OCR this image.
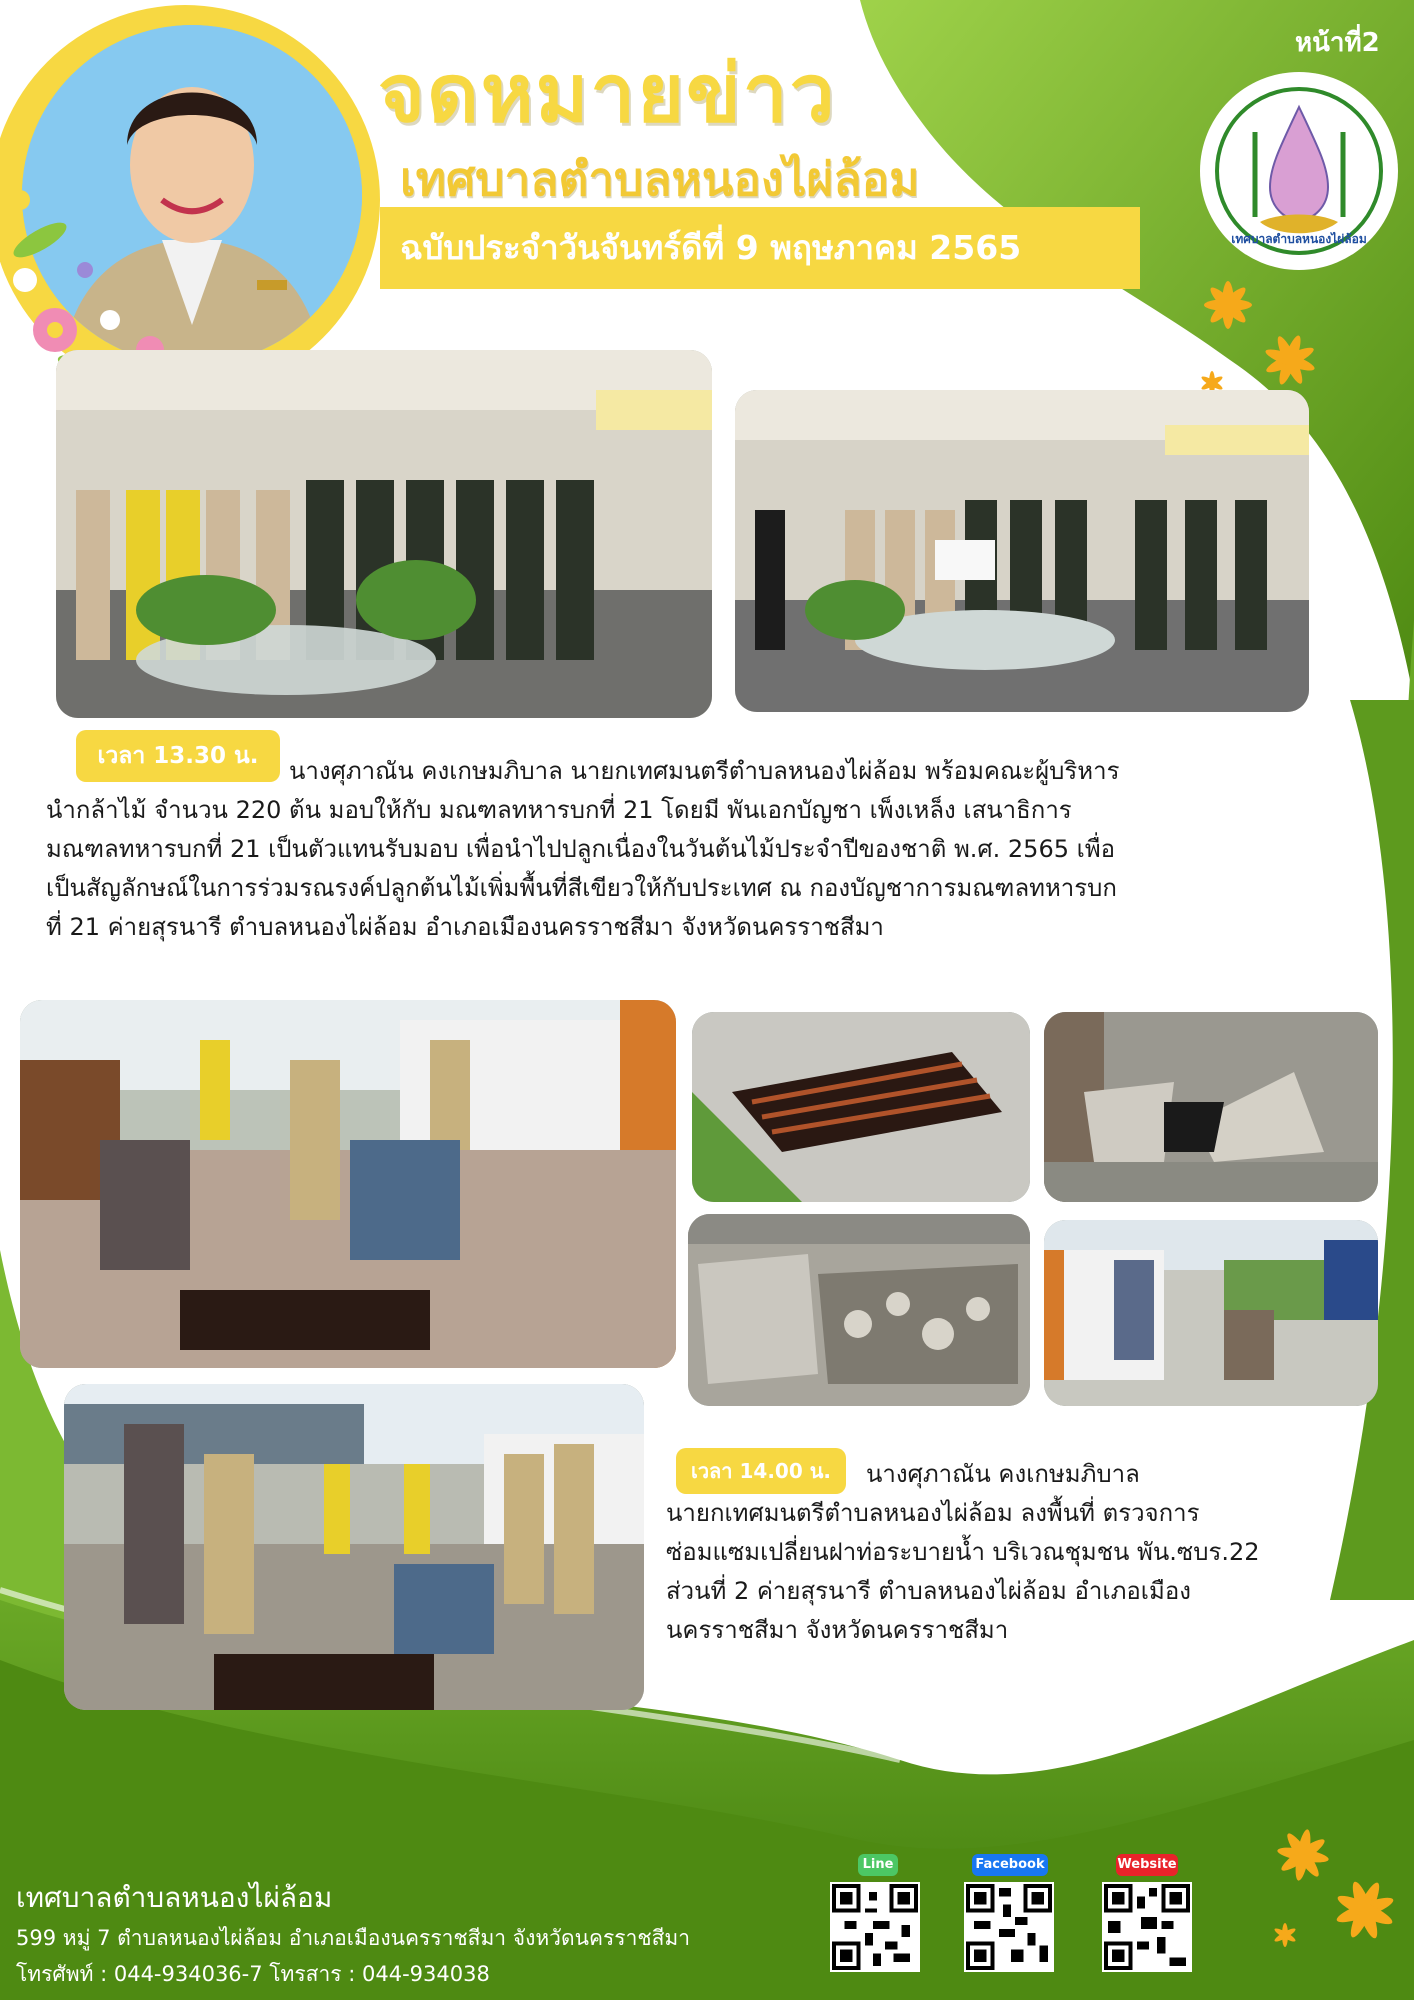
หน้าที่2
จดหมายข่าว
เทศบาลตำบลหนองไผ่ล้อม
ฉบับประจำวันจันทร์ดีที่ 9 พฤษภาคม 2565	เทศบาลตำบลหนองไผ่ล้อม
เวลา 13.30 น.
นางศุภาณัน คงเกษมภิบาล นายกเทศมนตรีตำบลหนองไผ่ล้อม พร้อมคณะผู้บริหาร
นำกล้าไม้ จำนวน 220 ต้น มอบให้กับ มณฑลทหารบกที่ 21 โดยมี พันเอกบัญชา เพ็งเหล็ง เสนาธิการ
มณฑลทหารบกที่ 21 เป็นตัวแทนรับมอบ เพื่อนำไปปลูกเนื่องในวันต้นไม้ประจำปีของชาติ พ.ศ. 2565 เพื่อ
เป็นสัญลักษณ์ในการร่วมรณรงค์ปลูกต้นไม้เพิ่มพื้นที่สีเขียวให้กับประเทศ ณ กองบัญชาการมณฑลทหารบก
ที่ 21 ค่ายสุรนารี ตำบลหนองไผ่ล้อม อำเภอเมืองนครราชสีมา จังหวัดนครราชสีมา
เวลา 14.00 น.	นางศุภาณัน คงเกษมภิบาล
นายกเทศมนตรีตำบลหนองไผ่ล้อม ลงพื้นที่ ตรวจการ
ซ่อมแซมเปลี่ยนฝาท่อระบายน้ำ บริเวณชุมชน พัน.ซบร.22
ส่วนที่ 2 ค่ายสุรนารี ตำบลหนองไผ่ล้อม อำเภอเมือง
นครราชสีมา จังหวัดนครราชสีมา
เทศบาลตำบลหนองไผ่ล้อม
599 หมู่ 7 ตำบลหนองไผ่ล้อม อำเภอเมืองนครราชสีมา จังหวัดนครราชสีมา
โทรศัพท์ : 044-934036-7 โทรสาร : 044-934038
Line	Facebook	Website
